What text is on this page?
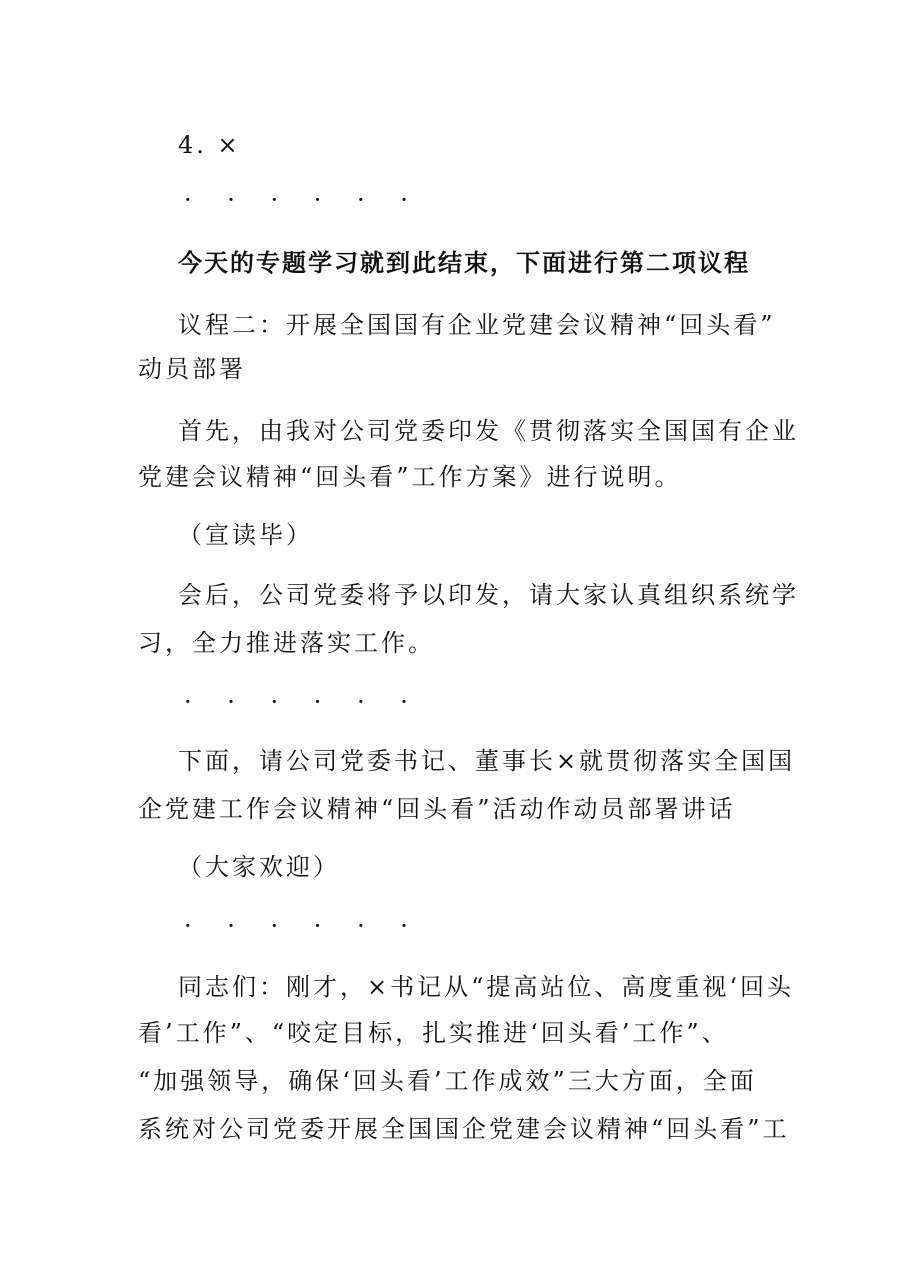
4. ×
· · · · · ·
今天的专题学习就到此结束，下面进行第二项议程
议程二：开展全国国有企业党建会议精神“回头看”
动员部署
首先，由我对公司党委印发《贯彻落实全国国有企业
党建会议精神“回头看”工作方案》进行说明。
（宣读毕）
会后，公司党委将予以印发，请大家认真组织系统学
习，全力推进落实工作。
· · · · · ·
下面，请公司党委书记、董事长×就贯彻落实全国国
企党建工作会议精神“回头看”活动作动员部署讲话
（大家欢迎）
· · · · · ·
同志们：刚才，×书记从“提高站位、高度重视‘回头
看’工作”、“咬定目标，扎实推进‘回头看’工作”、
“加强领导，确保‘回头看’工作成效”三大方面，全面
系统对公司党委开展全国国企党建会议精神“回头看”工
